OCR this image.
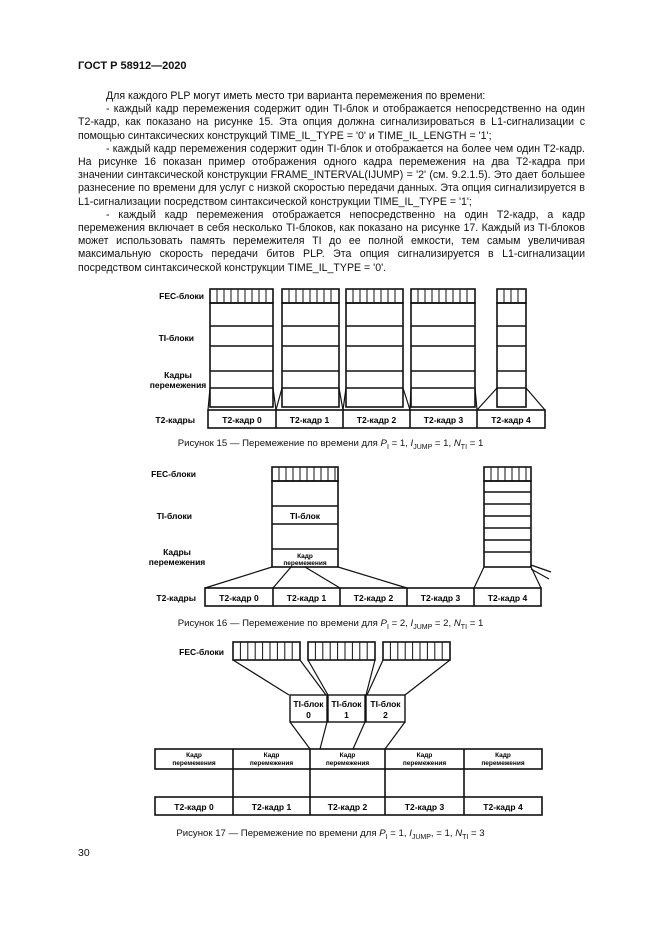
ГОСТ Р 58912—2020

Для каждого PLP могут иметь место три варианта перемежения по времени:

- каждый кадр перемежения содержит один TI-блок и отображается непосредственно на один T2-кадр, как показано на рисунке 15. Эта опция должна сигнализироваться в L1-сигнализации с помощью синтаксических конструкций TIME_IL_TYPE = '0' и TIME_IL_LENGTH = '1';

- каждый кадр перемежения содержит один TI-блок и отображается на более чем один T2-кадр. На рисунке 16 показан пример отображения одного кадра перемежения на два T2-кадра при значении синтаксической конструкции FRAME_INTERVAL(IJUMP) = '2' (см. 9.2.1.5). Это дает большее разнесение по времени для услуг с низкой скоростью передачи данных. Эта опция сигнализируется в L1-сигнализации посредством синтаксической конструкции TIME_IL_TYPE = '1';

- каждый кадр перемежения отображается непосредственно на один T2-кадр, а кадр перемежения включает в себя несколько TI-блоков, как показано на рисунке 17. Каждый из TI-блоков может использовать память перемежителя TI до ее полной емкости, тем самым увеличивая максимальную скорость передачи битов PLP. Эта опция сигнализируется в L1-сигнализации посредством синтаксической конструкции TIME_IL_TYPE = '0'.

FEC-блоки
TI-блоки
Кадры
перемежения
T2-кадры	T2-кадр 0	T2-кадр 1	T2-кадр 2	T2-кадр 3	T2-кадр 4
Рисунок 15 — Перемежение по времени для $P_I = 1$, $I_{JUMP} = 1$, $N_{TI} = 1$
FEC-блоки
TI-блоки
Кадры
перемежения
TI-блок
Кадр
перемежения
T2-кадры	T2-кадр 0	T2-кадр 1	T2-кадр 2	T2-кадр 3	T2-кадр 4
Рисунок 16 — Перемежение по времени для $P_I = 2$, $I_{JUMP} = 2$, $N_{TI} = 1$
FEC-блоки
TI-блок
0
TI-блок
1
TI-блок
2
Кадр
перемежения
Кадр
перемежения
Кадр
перемежения
Кадр
перемежения
Кадр
перемежения
T2-кадр 0	T2-кадр 1	T2-кадр 2	T2-кадр 3	T2-кадр 4
Рисунок 17 — Перемежение по времени для $P_I = 1$, $I_{JUMP}$, = 1, $N_{TI} = 3$
30
